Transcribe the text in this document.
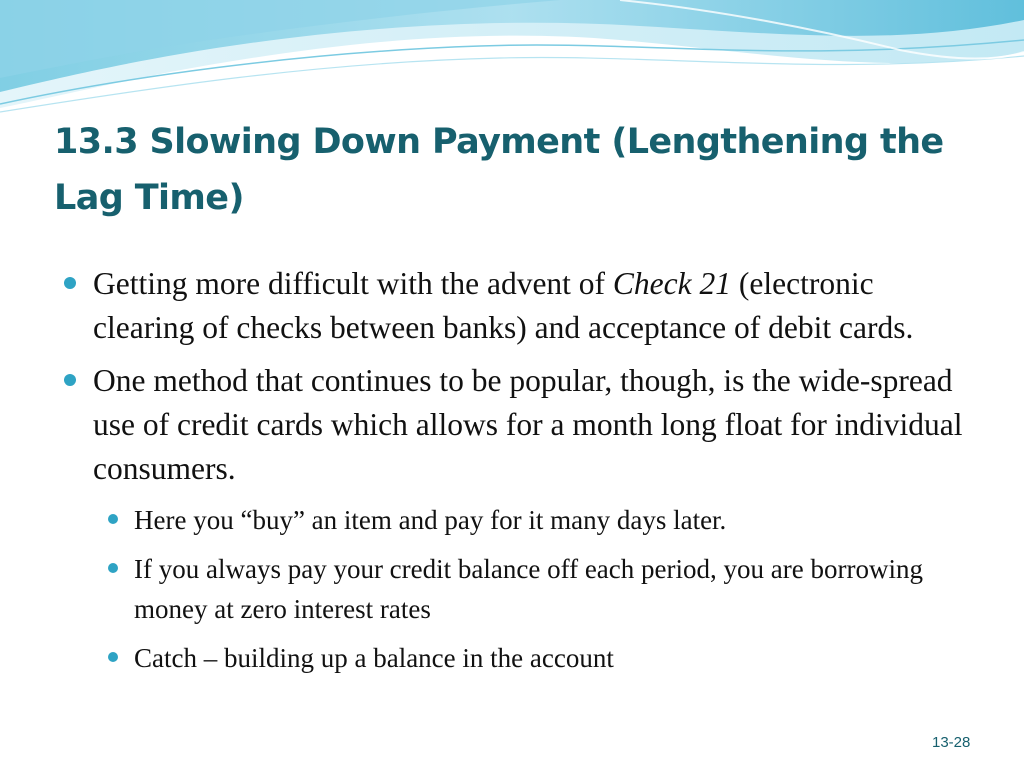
13.3 Slowing Down Payment (Lengthening the Lag Time)
Getting more difficult with the advent of Check 21 (electronic clearing of checks between banks) and acceptance of debit cards.
One method that continues to be popular, though, is the wide-spread use of credit cards which allows for a month long float for individual consumers.
Here you “buy” an item and pay for it many days later.
If you always pay your credit balance off each period, you are borrowing money at zero interest rates
Catch – building up a balance in the account
13-28
